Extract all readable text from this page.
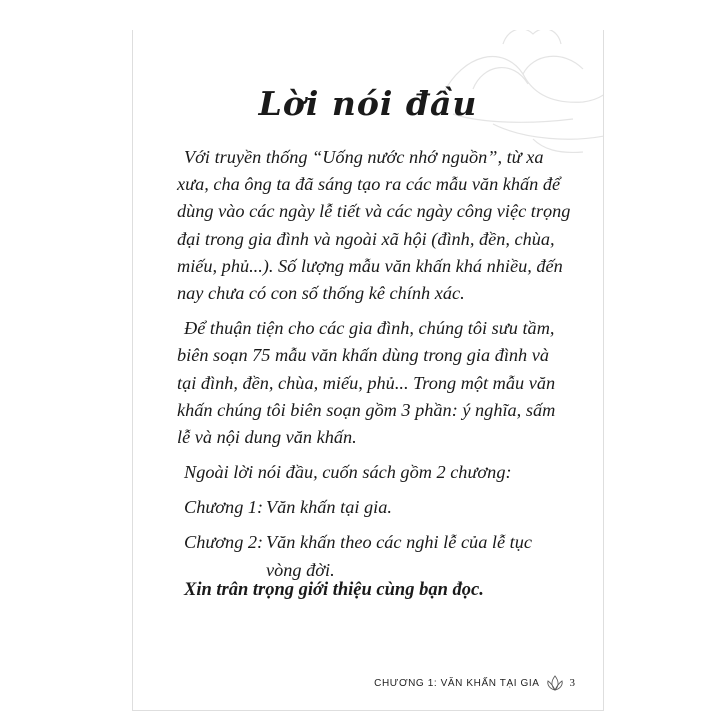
Lời nói đầu
Với truyền thống “Uống nước nhớ nguồn”, từ xa
xưa, cha ông ta đã sáng tạo ra các mẫu văn khấn để
dùng vào các ngày lễ tiết và các ngày công việc trọng
đại trong gia đình và ngoài xã hội (đình, đền, chùa,
miếu, phủ...). Số lượng mẫu văn khấn khá nhiều, đến
nay chưa có con số thống kê chính xác.
Để thuận tiện cho các gia đình, chúng tôi sưu tầm,
biên soạn 75 mẫu văn khấn dùng trong gia đình và
tại đình, đền, chùa, miếu, phủ... Trong một mẫu văn
khấn chúng tôi biên soạn gồm 3 phần: ý nghĩa, sấm
lễ và nội dung văn khấn.
Ngoài lời nói đầu, cuốn sách gồm 2 chương:
Chương 1: Văn khấn tại gia.
Chương 2: Văn khấn theo các nghi lễ của lễ tục
vòng đời.
Xin trân trọng giới thiệu cùng bạn đọc.
CHƯƠNG 1: VĂN KHẤN TẠI GIA	3
